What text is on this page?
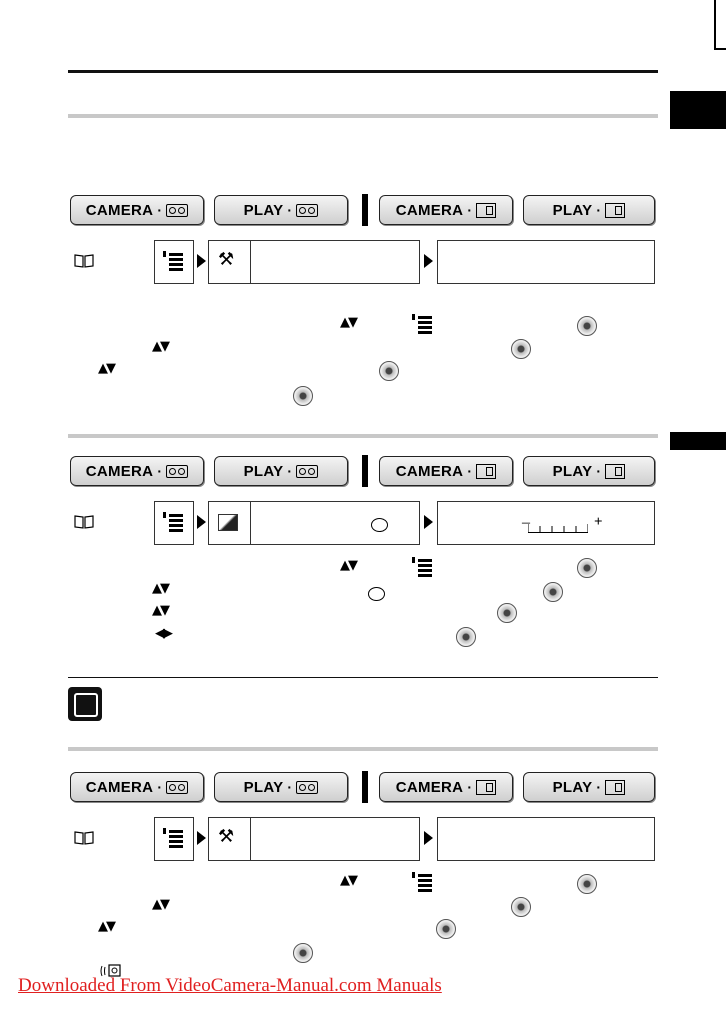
CAMERA ·	PLAY ·	CAMERA ·	PLAY ·
⚒
▲▼
▲▼
▲▼
CAMERA ·	PLAY ·	CAMERA ·	PLAY ·
–	+
▲▼
▲▼
▲▼
◀▶
CAMERA ·	PLAY ·	CAMERA ·	PLAY ·
⚒
▲▼
▲▼
▲▼
Downloaded From VideoCamera-Manual.com Manuals
